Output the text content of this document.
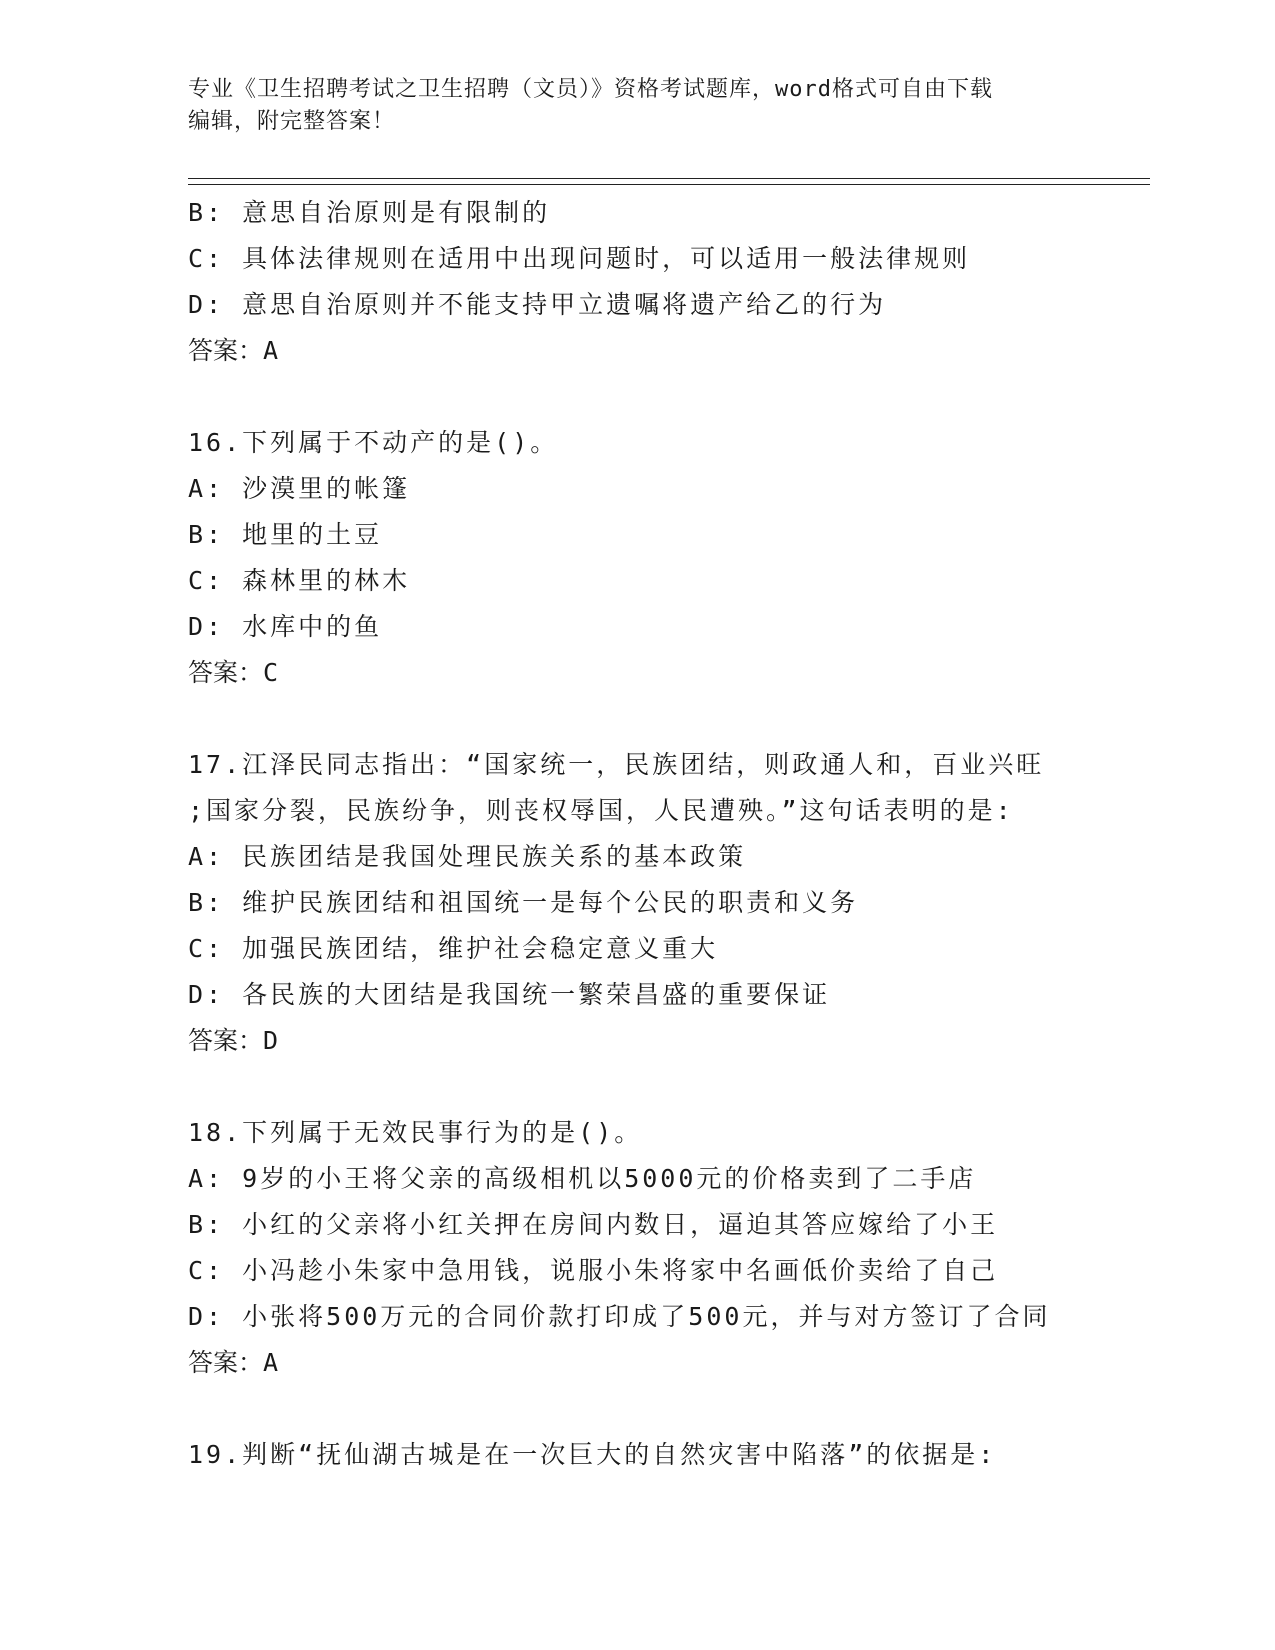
专业《卫生招聘考试之卫生招聘（文员）》资格考试题库，word格式可自由下载
编辑，附完整答案！
B: 意思自治原则是有限制的
C: 具体法律规则在适用中出现问题时，可以适用一般法律规则
D: 意思自治原则并不能支持甲立遗嘱将遗产给乙的行为
答案：A
16.下列属于不动产的是()。
A: 沙漠里的帐篷
B: 地里的土豆
C: 森林里的林木
D: 水库中的鱼
答案：C
17.江泽民同志指出：“国家统一，民族团结，则政通人和，百业兴旺
;国家分裂，民族纷争，则丧权辱国，人民遭殃。”这句话表明的是:
A: 民族团结是我国处理民族关系的基本政策
B: 维护民族团结和祖国统一是每个公民的职责和义务
C: 加强民族团结，维护社会稳定意义重大
D: 各民族的大团结是我国统一繁荣昌盛的重要保证
答案：D
18.下列属于无效民事行为的是()。
A: 9岁的小王将父亲的高级相机以5000元的价格卖到了二手店
B: 小红的父亲将小红关押在房间内数日，逼迫其答应嫁给了小王
C: 小冯趁小朱家中急用钱，说服小朱将家中名画低价卖给了自己
D: 小张将500万元的合同价款打印成了500元，并与对方签订了合同
答案：A
19.判断“抚仙湖古城是在一次巨大的自然灾害中陷落”的依据是:
